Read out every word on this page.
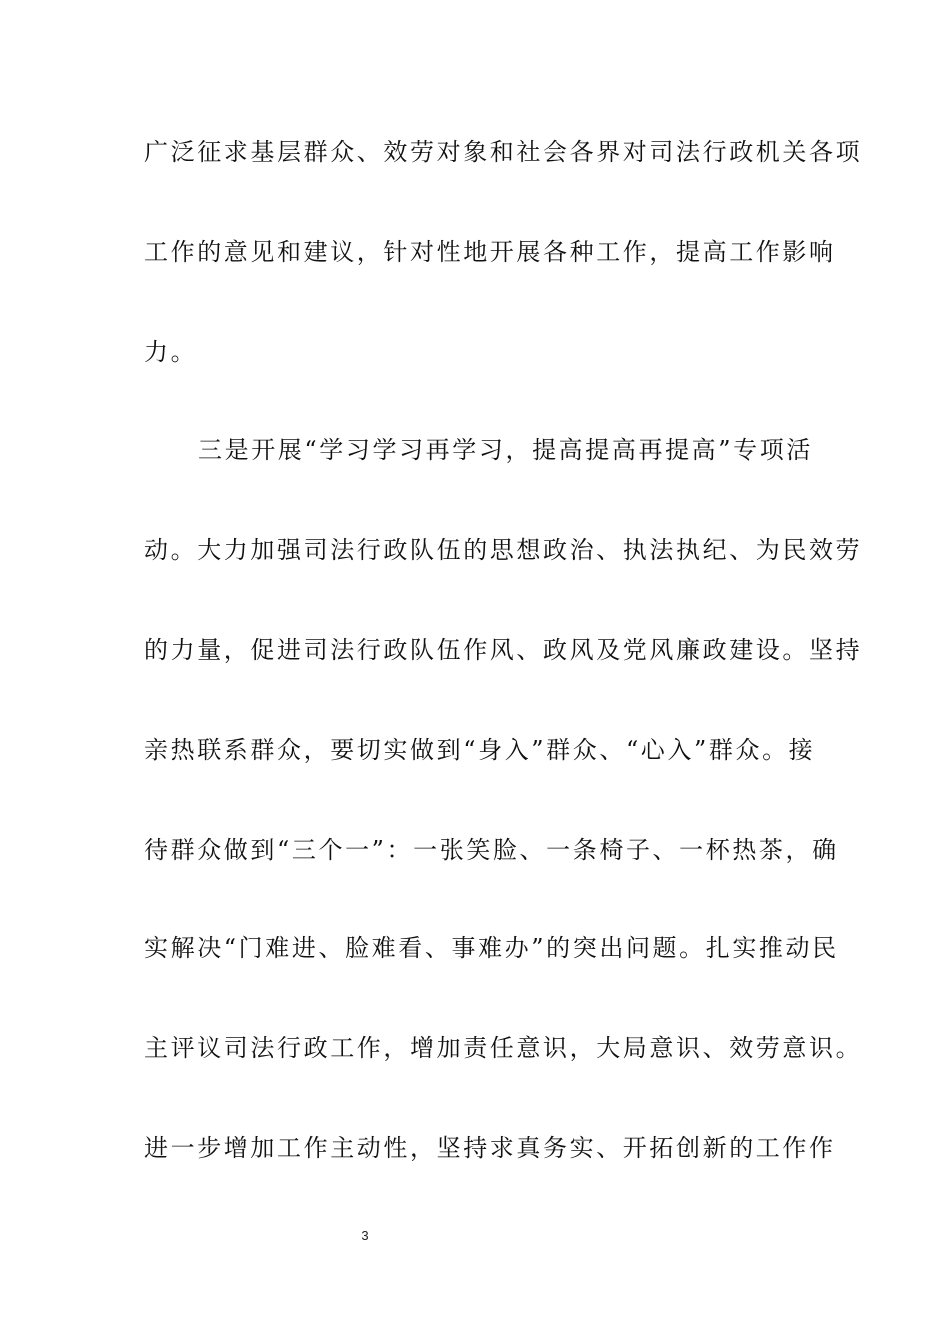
广泛征求基层群众、效劳对象和社会各界对司法行政机关各项
工作的意见和建议，针对性地开展各种工作，提高工作影响
力。
三是开展“学习学习再学习，提高提高再提高”专项活
动。大力加强司法行政队伍的思想政治、执法执纪、为民效劳
的力量，促进司法行政队伍作风、政风及党风廉政建设。坚持
亲热联系群众，要切实做到“身入”群众、“心入”群众。接
待群众做到“三个一”：一张笑脸、一条椅子、一杯热茶，确
实解决“门难进、脸难看、事难办”的突出问题。扎实推动民
主评议司法行政工作，增加责任意识，大局意识、效劳意识。
进一步增加工作主动性，坚持求真务实、开拓创新的工作作
3
